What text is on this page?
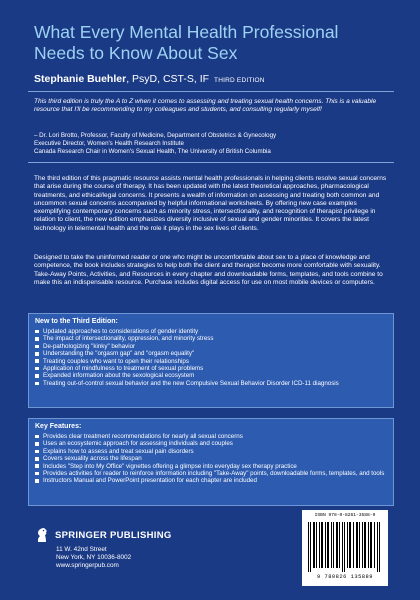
What Every Mental Health Professional
Needs to Know About Sex
Stephanie Buehler, PsyD, CST-S, IF THIRD EDITION

This third edition is truly the A to Z when it comes to assessing and treating sexual health concerns. This is a valuable resource that I'll be recommending to my colleagues and students, and consulting regularly myself!

– Dr. Lori Brotto, Professor, Faculty of Medicine, Department of Obstetrics & Gynecology
Executive Director, Women's Health Research Institute
Canada Research Chair in Women's Sexual Health, The University of British Columbia

The third edition of this pragmatic resource assists mental health professionals in helping clients resolve sexual concerns that arise during the course of therapy. It has been updated with the latest theoretical approaches, pharmacological treatments, and ethical/legal concerns. It presents a wealth of information on assessing and treating both common and uncommon sexual concerns accompanied by helpful informational worksheets. By offering new case examples exemplifying contemporary concerns such as minority stress, intersectionality, and recognition of therapist privilege in relation to client, the new edition emphasizes diversity inclusive of sexual and gender minorities. It covers the latest technology in telemental health and the role it plays in the sex lives of clients.

Designed to take the uninformed reader or one who might be uncomfortable about sex to a place of knowledge and competence, the book includes strategies to help both the client and therapist become more comfortable with sexuality. Take-Away Points, Activities, and Resources in every chapter and downloadable forms, templates, and tools combine to make this an indispensable resource. Purchase includes digital access for use on most mobile devices or computers.

New to the Third Edition:
Updated approaches to considerations of gender identity
The impact of intersectionality, oppression, and minority stress
De-pathologizing "kinky" behavior
Understanding the "orgasm gap" and "orgasm equality"
Treating couples who want to open their relationships
Application of mindfulness to treatment of sexual problems
Expanded information about the sexological ecosystem
Treating out-of-control sexual behavior and the new Compulsive Sexual Behavior Disorder ICD-11 diagnosis
Key Features:
Provides clear treatment recommendations for nearly all sexual concerns
Uses an ecosystemic approach for assessing individuals and couples
Explains how to assess and treat sexual pain disorders
Covers sexuality across the lifespan
Includes "Step into My Office" vignettes offering a glimpse into everyday sex therapy practice
Provides activities for reader to reinforce information including "Take-Away" points, downloadable forms, templates, and tools
Instructors Manual and PowerPoint presentation for each chapter are included
SPRINGER PUBLISHING
11 W. 42nd Street
New York, NY 10036-8002
www.springerpub.com
ISBN 978-0-8261-3588-9
9 780826 135889
